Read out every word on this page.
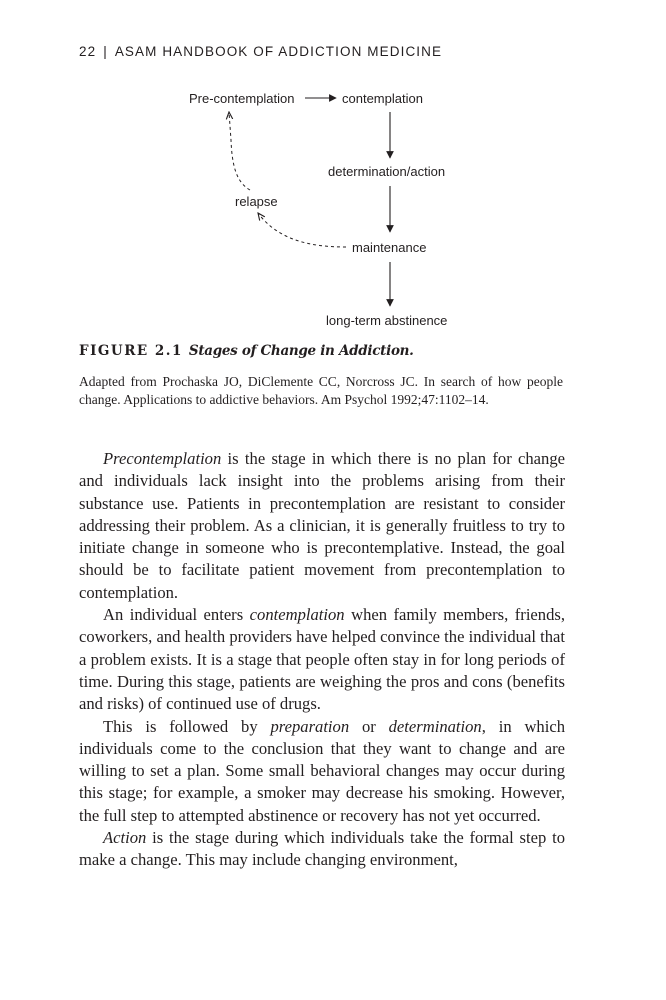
22 | ASAM HANDBOOK OF ADDICTION MEDICINE
Pre-contemplation	contemplation
determination/action
maintenance
long-term abstinence
relapse
FIGURE 2.1 Stages of Change in Addiction.
Adapted from Prochaska JO, DiClemente CC, Norcross JC. In search of how people change. Applications to addictive behaviors. Am Psychol 1992;47:1102–14.

Precontemplation is the stage in which there is no plan for change and individuals lack insight into the problems arising from their substance use. Patients in precontemplation are resistant to consider addressing their problem. As a clinician, it is generally fruitless to try to initiate change in someone who is precontemplative. Instead, the goal should be to facilitate patient movement from precontemplation to contemplation.

An individual enters contemplation when family members, friends, coworkers, and health providers have helped convince the individual that a problem exists. It is a stage that people often stay in for long periods of time. During this stage, patients are weighing the pros and cons (benefits and risks) of continued use of drugs.

This is followed by preparation or determination, in which individuals come to the conclusion that they want to change and are willing to set a plan. Some small behavioral changes may occur during this stage; for example, a smoker may decrease his smoking. However, the full step to attempted abstinence or recovery has not yet occurred.

Action is the stage during which individuals take the formal step to make a change. This may include changing environment,
